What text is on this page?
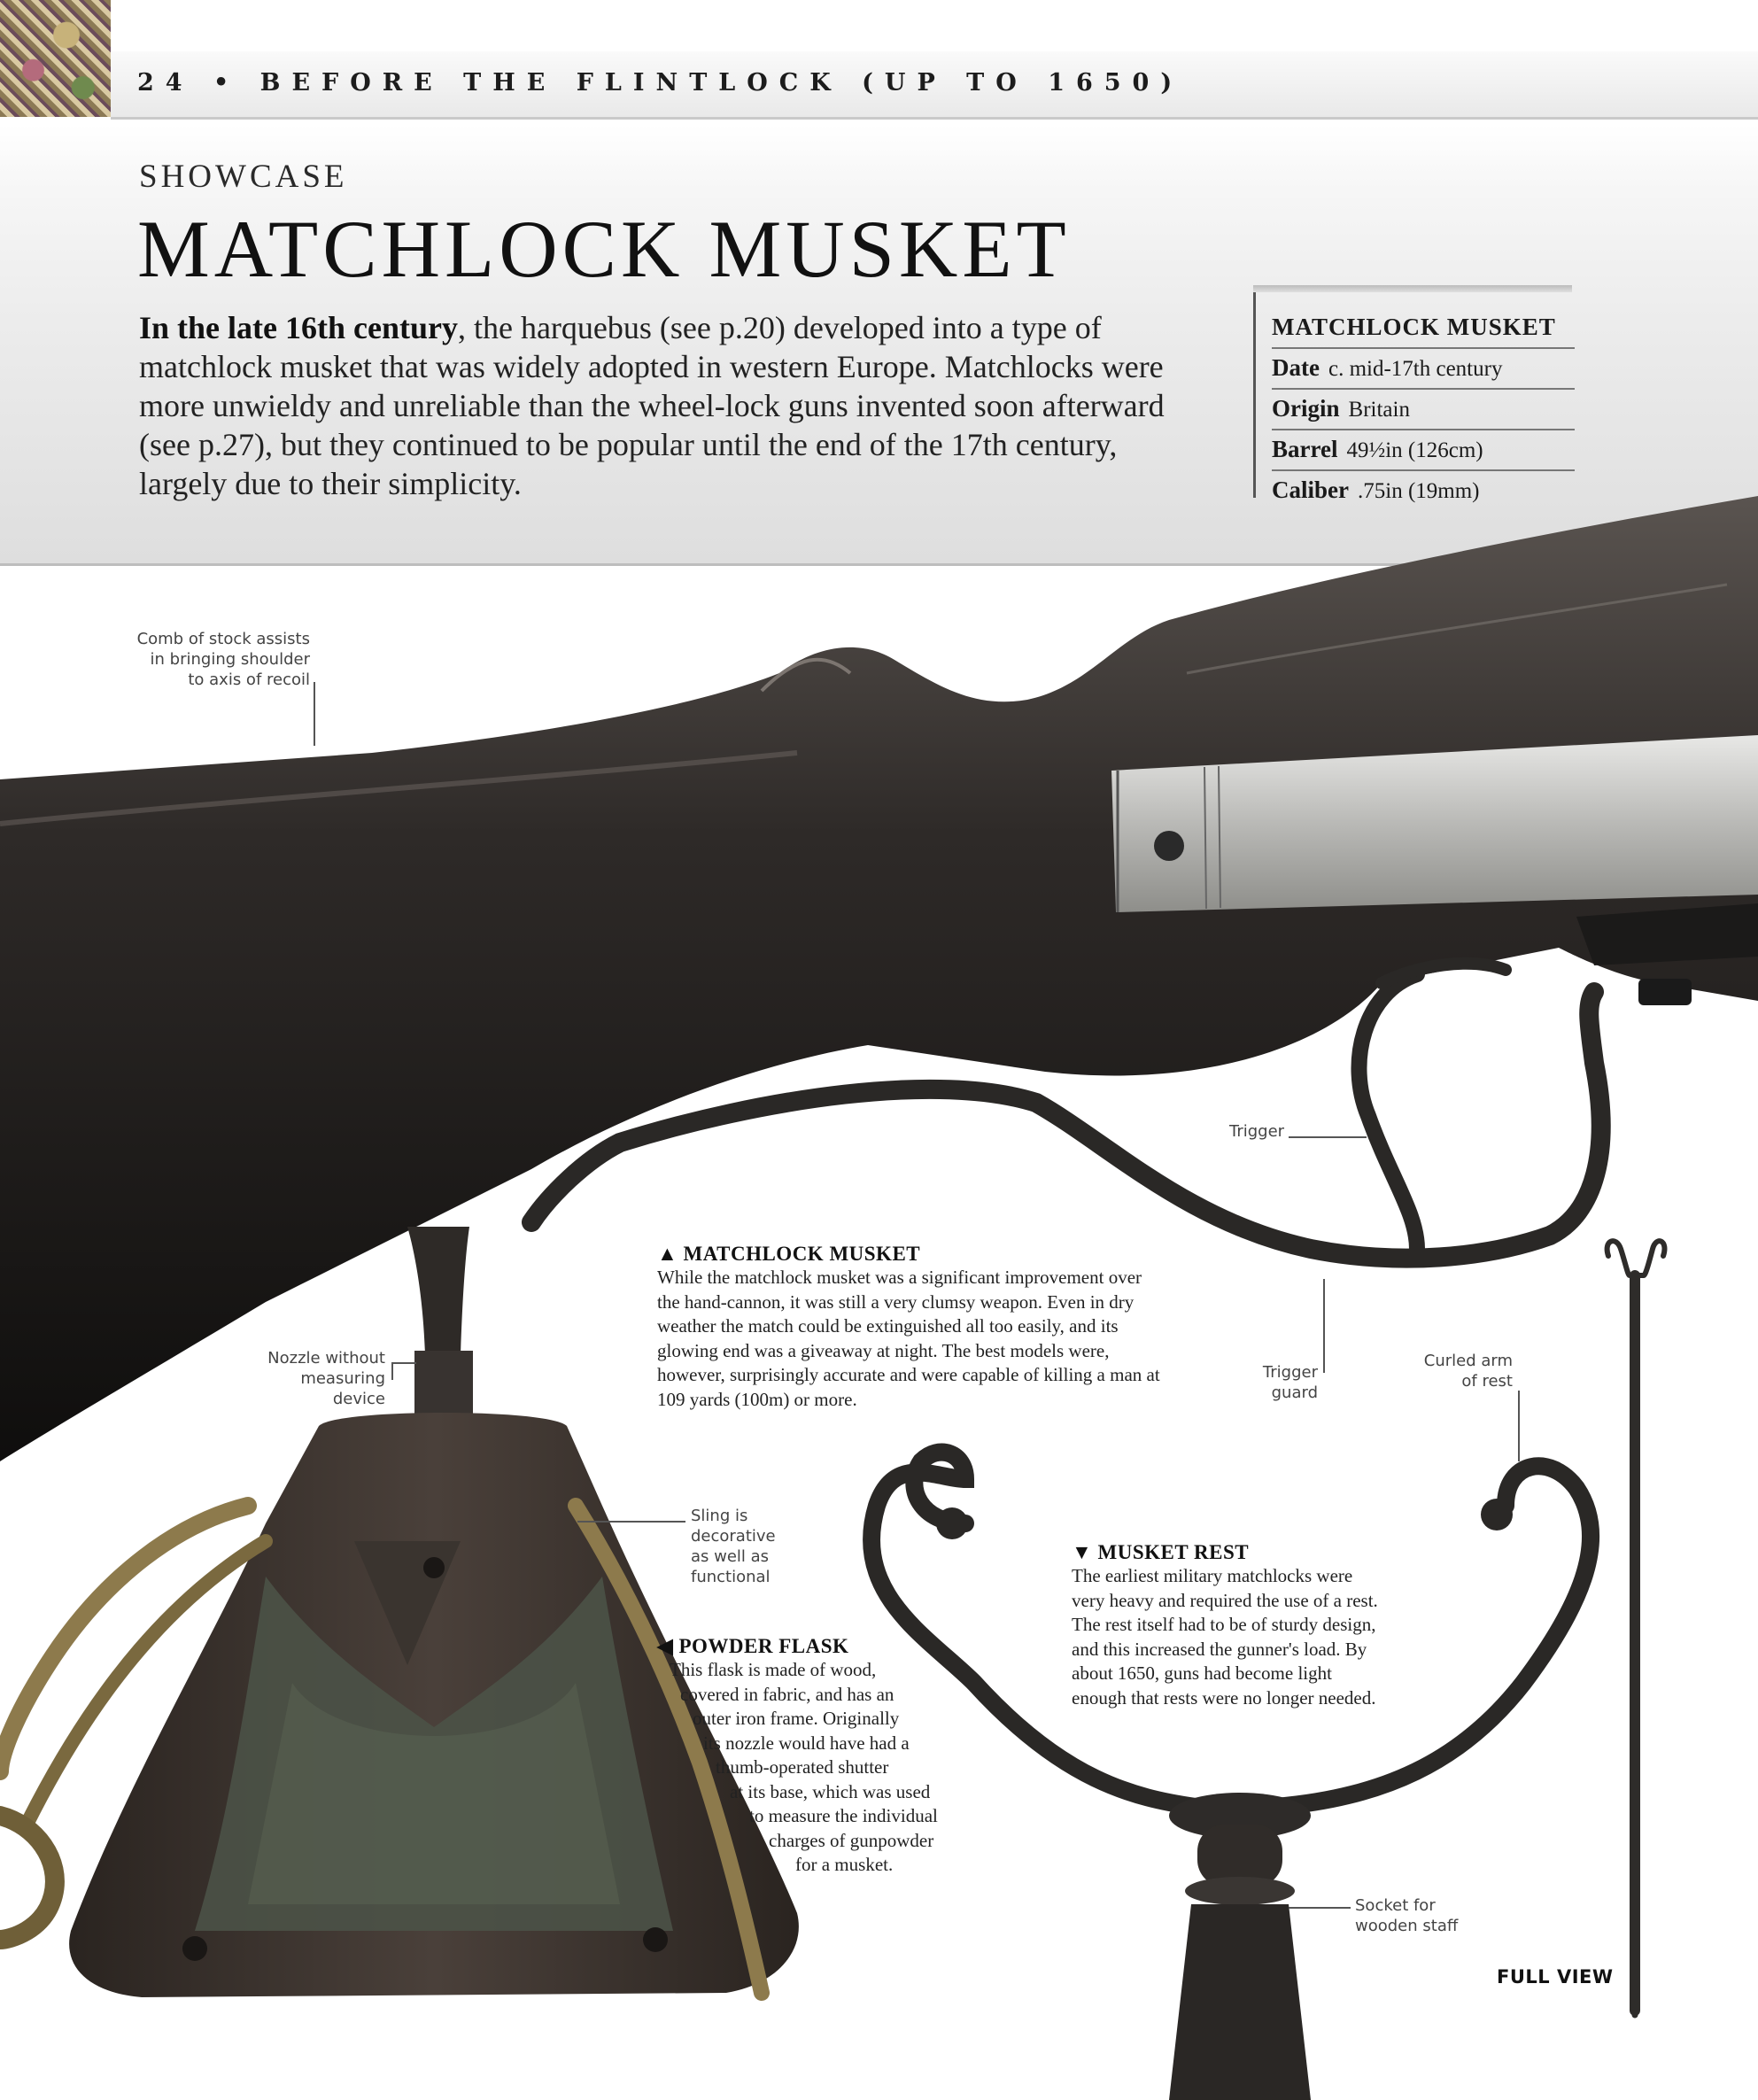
24 • BEFORE THE FLINTLOCK (UP TO 1650)
SHOWCASE
MATCHLOCK MUSKET
In the late 16th century, the harquebus (see p.20) developed into a type of matchlock musket that was widely adopted in western Europe. Matchlocks were more unwieldy and unreliable than the wheel-lock guns invented soon afterward (see p.27), but they continued to be popular until the end of the 17th century, largely due to their simplicity.
MATCHLOCK MUSKET
Date c. mid-17th century
Origin Britain
Barrel 49½in (126cm)
Caliber .75in (19mm)
Comb of stock assists
in bringing shoulder
to axis of recoil
Trigger
Nozzle without
measuring device
Trigger
guard
Curled arm
of rest
Sling is
decorative
as well as
functional
Socket for
wooden staff
▲ MATCHLOCK MUSKET
While the matchlock musket was a significant improvement over the hand-cannon, it was still a very clumsy weapon. Even in dry weather the match could be extinguished all too easily, and its glowing end was a giveaway at night. The best models were, however, surprisingly accurate and were capable of killing a man at 109 yards (100m) or more.
◀ POWDER FLASK
This flask is made of wood,
covered in fabric, and has an
outer iron frame. Originally
its nozzle would have had a
thumb-operated shutter
at its base, which was used
to measure the individual
charges of gunpowder
for a musket.
▼ MUSKET REST
The earliest military matchlocks were very heavy and required the use of a rest. The rest itself had to be of sturdy design, and this increased the gunner's load. By about 1650, guns had become light enough that rests were no longer needed.
FULL VIEW
